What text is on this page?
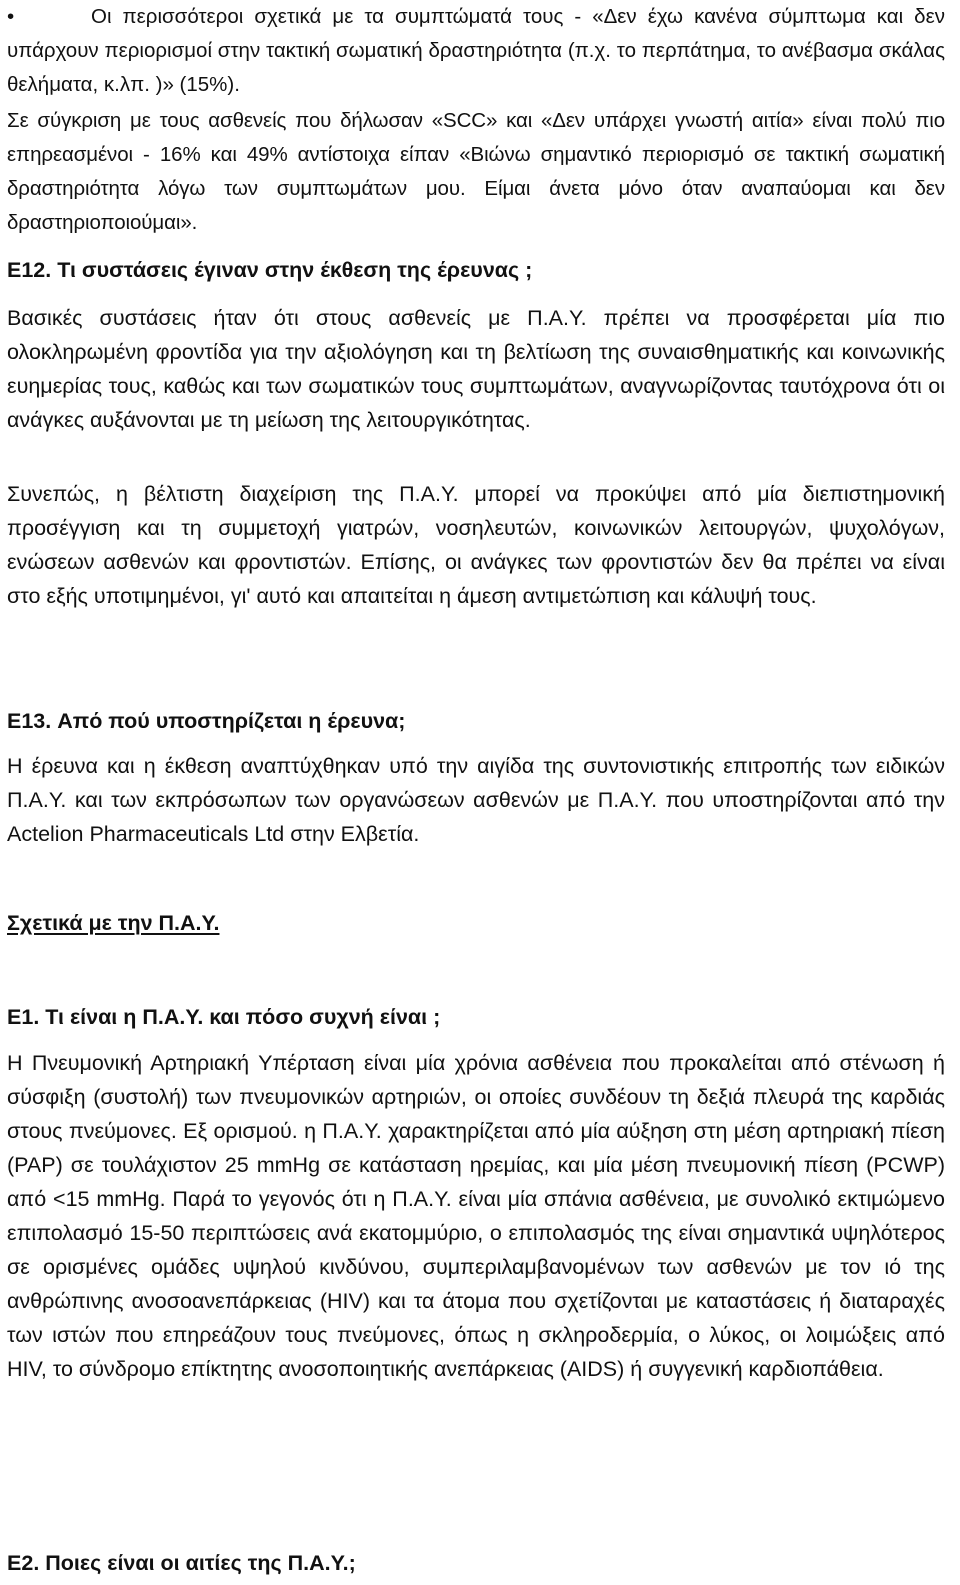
•	Οι περισσότεροι σχετικά με τα συμπτώματά τους - «Δεν έχω κανένα σύμπτωμα και δεν υπάρχουν περιορισμοί στην τακτική σωματική δραστηριότητα (π.χ. το περπάτημα, το ανέβασμα σκάλας θελήματα, κ.λπ. )» (15%).

Σε σύγκριση με τους ασθενείς που δήλωσαν «SCC» και «Δεν υπάρχει γνωστή αιτία» είναι πολύ πιο επηρεασμένοι - 16% και 49% αντίστοιχα είπαν «Βιώνω σημαντικό περιορισμό σε τακτική σωματική δραστηριότητα λόγω των συμπτωμάτων μου. Είμαι άνετα μόνο όταν αναπαύομαι και δεν δραστηριοποιούμαι».

E12. Τι συστάσεις έγιναν στην έκθεση της έρευνας ;

Βασικές συστάσεις ήταν ότι στους ασθενείς με Π.Α.Υ. πρέπει να προσφέρεται μία πιο ολοκληρωμένη φροντίδα για την αξιολόγηση και τη βελτίωση της συναισθηματικής και κοινωνικής ευημερίας τους, καθώς και των σωματικών τους συμπτωμάτων, αναγνωρίζοντας ταυτόχρονα ότι οι ανάγκες αυξάνονται με τη μείωση της λειτουργικότητας.

Συνεπώς, η βέλτιστη διαχείριση της Π.Α.Υ. μπορεί να προκύψει από μία διεπιστημονική προσέγγιση και τη συμμετοχή γιατρών, νοσηλευτών, κοινωνικών λειτουργών, ψυχολόγων, ενώσεων ασθενών και φροντιστών. Επίσης, οι ανάγκες των φροντιστών δεν θα πρέπει να είναι στο εξής υποτιμημένοι, γι' αυτό και απαιτείται η άμεση αντιμετώπιση και κάλυψή τους.

E13. Από πού υποστηρίζεται η έρευνα;

Η έρευνα και η έκθεση αναπτύχθηκαν υπό την αιγίδα της συντονιστικής επιτροπής των ειδικών Π.Α.Υ. και των εκπρόσωπων των οργανώσεων ασθενών με Π.Α.Υ. που υποστηρίζονται από την Actelion Pharmaceuticals Ltd στην Ελβετία.

Σχετικά με την Π.Α.Υ.
E1. Τι είναι η Π.Α.Υ. και πόσο συχνή είναι ;

Η Πνευμονική Αρτηριακή Υπέρταση είναι μία χρόνια ασθένεια που προκαλείται από στένωση ή σύσφιξη (συστολή) των πνευμονικών αρτηριών, οι οποίες συνδέουν τη δεξιά πλευρά της καρδιάς στους πνεύμονες. Εξ ορισμού. η Π.Α.Υ. χαρακτηρίζεται από μία αύξηση στη μέση αρτηριακή πίεση (PAP) σε τουλάχιστον 25 mmHg σε κατάσταση ηρεμίας, και μία μέση πνευμονική πίεση (PCWP) από <15 mmHg. Παρά το γεγονός ότι η Π.Α.Υ. είναι μία σπάνια ασθένεια, με συνολικό εκτιμώμενο επιπολασμό 15-50 περιπτώσεις ανά εκατομμύριο, ο επιπολασμός της είναι σημαντικά υψηλότερος σε ορισμένες ομάδες υψηλού κινδύνου, συμπεριλαμβανομένων των ασθενών με τον ιό της ανθρώπινης ανοσοανεπάρκειας (HIV) και τα άτομα που σχετίζονται με καταστάσεις ή διαταραχές των ιστών που επηρεάζουν τους πνεύμονες, όπως η σκληροδερμία, ο λύκος, οι λοιμώξεις από HIV, το σύνδρομο επίκτητης ανοσοποιητικής ανεπάρκειας (AIDS) ή συγγενική καρδιοπάθεια.

E2. Ποιες είναι οι αιτίες της Π.Α.Υ.;
